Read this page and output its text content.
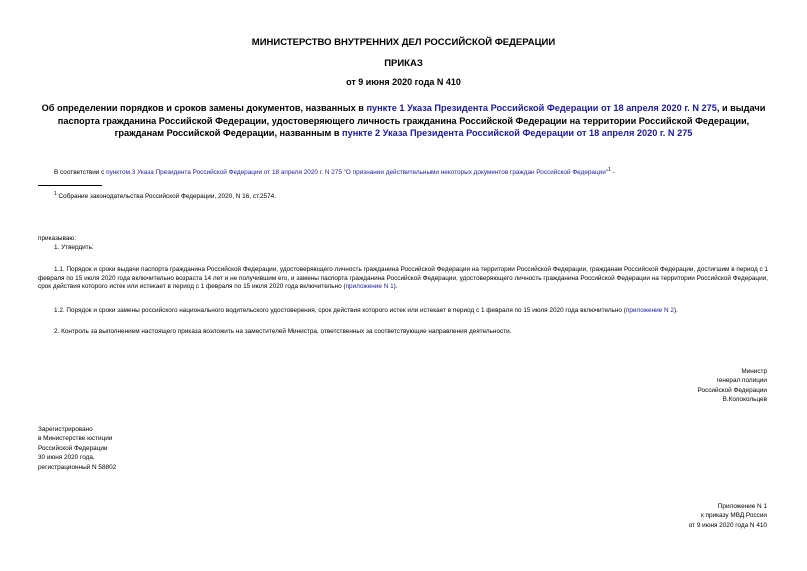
МИНИСТЕРСТВО ВНУТРЕННИХ ДЕЛ РОССИЙСКОЙ ФЕДЕРАЦИИ
ПРИКАЗ
от 9 июня 2020 года N 410
Об определении порядков и сроков замены документов, названных в пункте 1 Указа Президента Российской Федерации от 18 апреля 2020 г. N 275, и выдачи паспорта гражданина Российской Федерации, удостоверяющего личность гражданина Российской Федерации на территории Российской Федерации, гражданам Российской Федерации, названным в пункте 2 Указа Президента Российской Федерации от 18 апреля 2020 г. N 275
В соответствии с пунктом 3 Указа Президента Российской Федерации от 18 апреля 2020 г. N 275 "О признании действительными некоторых документов граждан Российской Федерации"$^1$ -
$^1$ Собрание законодательства Российской Федерации, 2020, N 16, ст.2574.
приказываю:
1. Утвердить:
1.1. Порядок и сроки выдачи паспорта гражданина Российской Федерации, удостоверяющего личность гражданина Российской Федерации на территории Российской Федерации, гражданам Российской Федерации, достигшим в период с 1 февраля по 15 июля 2020 года включительно возраста 14 лет и не получившим его, и замены паспорта гражданина Российской Федерации, удостоверяющего личность гражданина Российской Федерации на территории Российской Федерации, срок действия которого истек или истекает в период с 1 февраля по 15 июля 2020 года включительно (приложение N 1).
1.2. Порядок и сроки замены российского национального водительского удостоверения, срок действия которого истек или истекает в период с 1 февраля по 15 июля 2020 года включительно (приложение N 2).
2. Контроль за выполнением настоящего приказа возложить на заместителей Министра, ответственных за соответствующие направления деятельности.
Министр
генерал полиции
Российской Федерации
В.Колокольцев
Зарегистрировано
в Министерстве юстиции
Российской Федерации
30 июня 2020 года,
регистрационный N 58802
Приложение N 1
к приказу МВД России
от 9 июня 2020 года N 410
